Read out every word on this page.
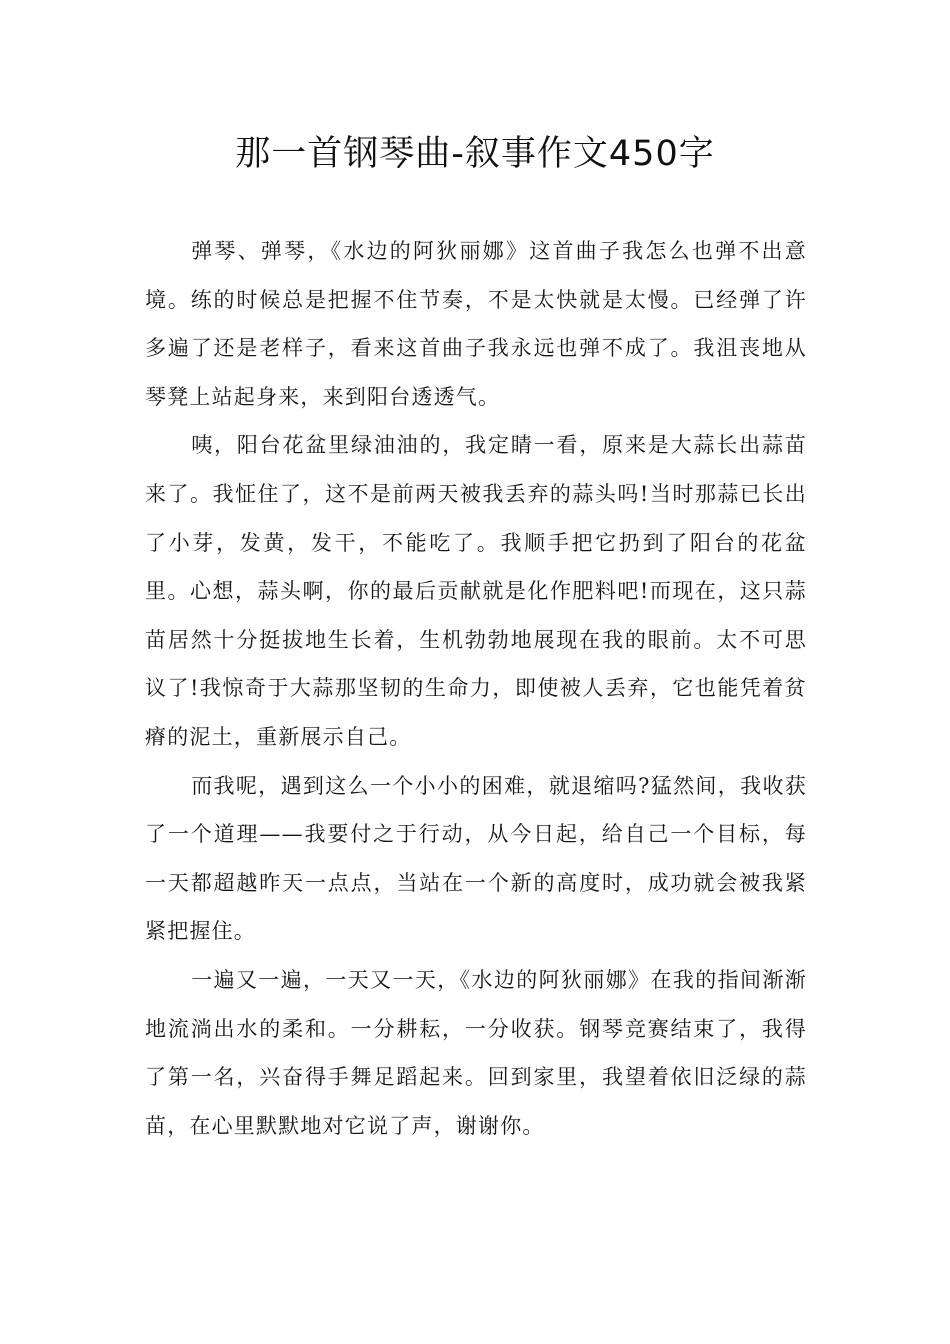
那一首钢琴曲-叙事作文450字

弹琴、弹琴，《水边的阿狄丽娜》这首曲子我怎么也弹不出意境。练的时候总是把握不住节奏，不是太快就是太慢。已经弹了许多遍了还是老样子，看来这首曲子我永远也弹不成了。我沮丧地从琴凳上站起身来，来到阳台透透气。

咦，阳台花盆里绿油油的，我定睛一看，原来是大蒜长出蒜苗来了。我怔住了，这不是前两天被我丢弃的蒜头吗!当时那蒜已长出了小芽，发黄，发干，不能吃了。我顺手把它扔到了阳台的花盆里。心想，蒜头啊，你的最后贡献就是化作肥料吧!而现在，这只蒜苗居然十分挺拔地生长着，生机勃勃地展现在我的眼前。太不可思议了!我惊奇于大蒜那坚韧的生命力，即使被人丢弃，它也能凭着贫瘠的泥土，重新展示自己。

而我呢，遇到这么一个小小的困难，就退缩吗?猛然间，我收获了一个道理——我要付之于行动，从今日起，给自己一个目标，每一天都超越昨天一点点，当站在一个新的高度时，成功就会被我紧紧把握住。

一遍又一遍，一天又一天，《水边的阿狄丽娜》在我的指间渐渐地流淌出水的柔和。一分耕耘，一分收获。钢琴竞赛结束了，我得了第一名，兴奋得手舞足蹈起来。回到家里，我望着依旧泛绿的蒜苗，在心里默默地对它说了声，谢谢你。
